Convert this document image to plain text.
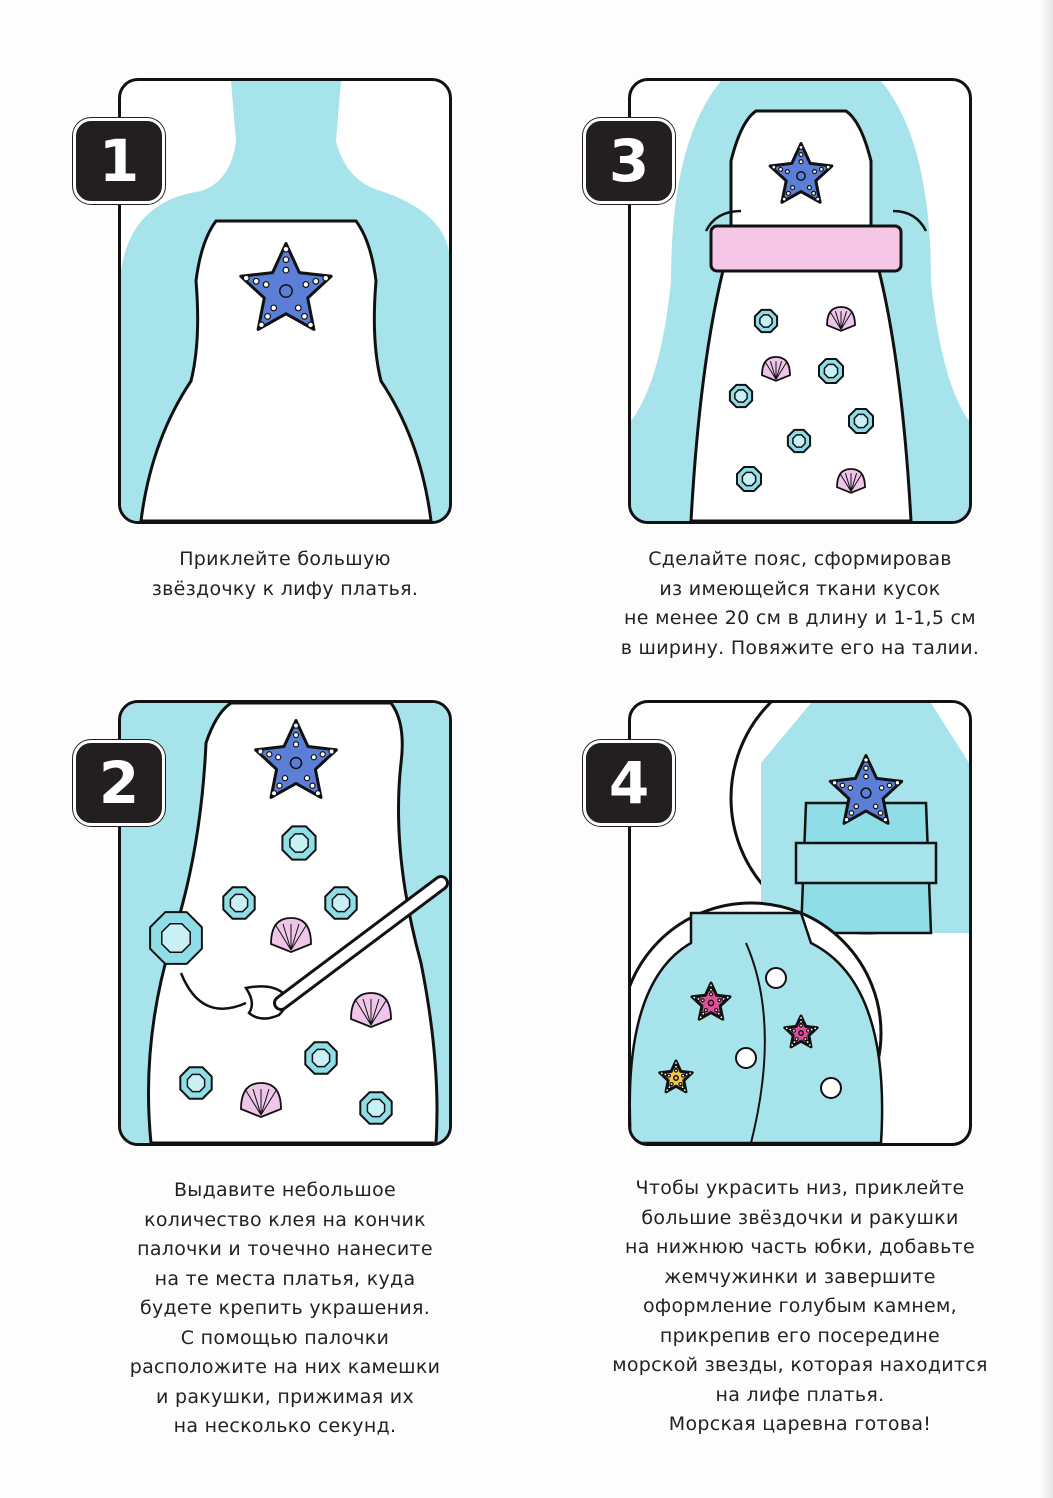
1
Приклейте большую
звёздочку к лифу платья.
3
Сделайте пояс, сформировав
из имеющейся ткани кусок
не менее 20 см в длину и 1-1,5 см
в ширину. Повяжите его на талии.
2
Выдавите небольшое
количество клея на кончик
палочки и точечно нанесите
на те места платья, куда
будете крепить украшения.
С помощью палочки
расположите на них камешки
и ракушки, прижимая их
на несколько секунд.
4
Чтобы украсить низ, приклейте
большие звёздочки и ракушки
на нижнюю часть юбки, добавьте
жемчужинки и завершите
оформление голубым камнем,
прикрепив его посередине
морской звезды, которая находится
на лифе платья.
Морская царевна готова!
